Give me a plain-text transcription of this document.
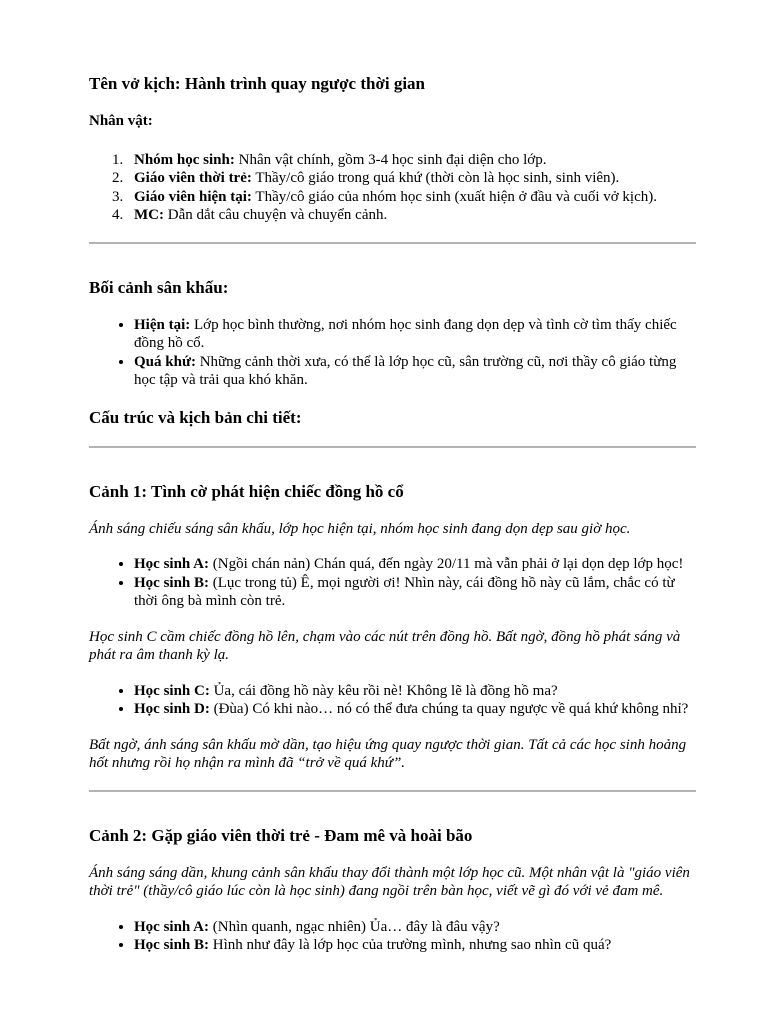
Tên vở kịch: Hành trình quay ngược thời gian

Nhân vật:

1. Nhóm học sinh: Nhân vật chính, gồm 3-4 học sinh đại diện cho lớp.
2. Giáo viên thời trẻ: Thầy/cô giáo trong quá khứ (thời còn là học sinh, sinh viên).
3. Giáo viên hiện tại: Thầy/cô giáo của nhóm học sinh (xuất hiện ở đầu và cuối vở kịch).
4. MC: Dẫn dắt câu chuyện và chuyển cảnh.
Bối cảnh sân khấu:
• Hiện tại: Lớp học bình thường, nơi nhóm học sinh đang dọn dẹp và tình cờ tìm thấy chiếc đồng hồ cổ.
• Quá khứ: Những cảnh thời xưa, có thể là lớp học cũ, sân trường cũ, nơi thầy cô giáo từng học tập và trải qua khó khăn.
Cấu trúc và kịch bản chi tiết:
Cảnh 1: Tình cờ phát hiện chiếc đồng hồ cổ

Ánh sáng chiếu sáng sân khấu, lớp học hiện tại, nhóm học sinh đang dọn dẹp sau giờ học.

• Học sinh A: (Ngồi chán nản) Chán quá, đến ngày 20/11 mà vẫn phải ở lại dọn dẹp lớp học!
• Học sinh B: (Lục trong tủ) Ê, mọi người ơi! Nhìn này, cái đồng hồ này cũ lắm, chắc có từ thời ông bà mình còn trẻ.

Học sinh C cầm chiếc đồng hồ lên, chạm vào các nút trên đồng hồ. Bất ngờ, đồng hồ phát sáng và phát ra âm thanh kỳ lạ.

• Học sinh C: Ủa, cái đồng hồ này kêu rồi nè! Không lẽ là đồng hồ ma?
• Học sinh D: (Đùa) Có khi nào… nó có thể đưa chúng ta quay ngược về quá khứ không nhỉ?

Bất ngờ, ánh sáng sân khấu mờ dần, tạo hiệu ứng quay ngược thời gian. Tất cả các học sinh hoảng hốt nhưng rồi họ nhận ra mình đã “trở về quá khứ”.

Cảnh 2: Gặp giáo viên thời trẻ - Đam mê và hoài bão

Ánh sáng sáng dần, khung cảnh sân khấu thay đổi thành một lớp học cũ. Một nhân vật là "giáo viên thời trẻ" (thầy/cô giáo lúc còn là học sinh) đang ngồi trên bàn học, viết vẽ gì đó với vẻ đam mê.

• Học sinh A: (Nhìn quanh, ngạc nhiên) Ủa… đây là đâu vậy?
• Học sinh B: Hình như đây là lớp học của trường mình, nhưng sao nhìn cũ quá?
